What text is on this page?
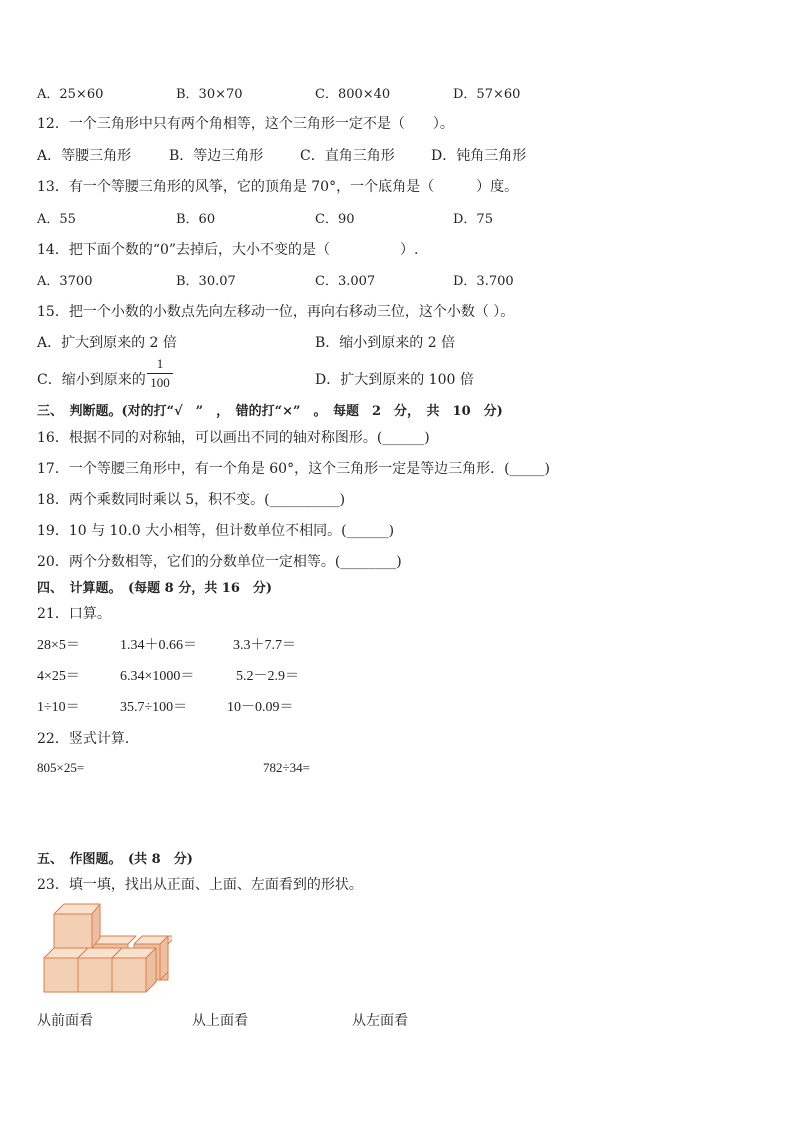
A．25×60	B．30×70	C．800×40	D．57×60
12．一个三角形中只有两个角相等，这个三角形一定不是（　　）。
A．等腰三角形	B．等边三角形	C．直角三角形	D．钝角三角形
13．有一个等腰三角形的风筝，它的顶角是 70°，一个底角是（　　　）度。
A．55	B．60	C．90	D．75
14．把下面个数的“0”去掉后，大小不变的是（　　　　　）.
A．3700	B．30.07	C．3.007	D．3.700
15．把一个小数的小数点先向左移动一位，再向右移动三位，这个小数（ ）。
A．扩大到原来的 2 倍	B．缩小到原来的 2 倍
C．缩小到原来的
1
100	D．扩大到原来的 100 倍
三、　判断题。(对的打“√　”　，　错的打“×”　。　每题　2　分，　共　10　分)
16．根据不同的对称轴，可以画出不同的轴对称图形。(______)
17．一个等腰三角形中，有一个角是 60°，这个三角形一定是等边三角形．(_____)
18．两个乘数同时乘以 5，积不变。(__________)
19．10 与 10.0 大小相等，但计数单位不相同。(______)
20．两个分数相等，它们的分数单位一定相等。(________)
四、　计算题。　(每题 8 分，共 16　分)
21．口算。
28×5＝	1.34＋0.66＝	3.3＋7.7＝
4×25＝	6.34×1000＝	5.2－2.9＝
1÷10＝	35.7÷100＝	10－0.09＝
22．竖式计算．
805×25=	782÷34=
五、　作图题。　(共 8　分)
23．填一填，找出从正面、上面、左面看到的形状。
从前面看	从上面看	从左面看
